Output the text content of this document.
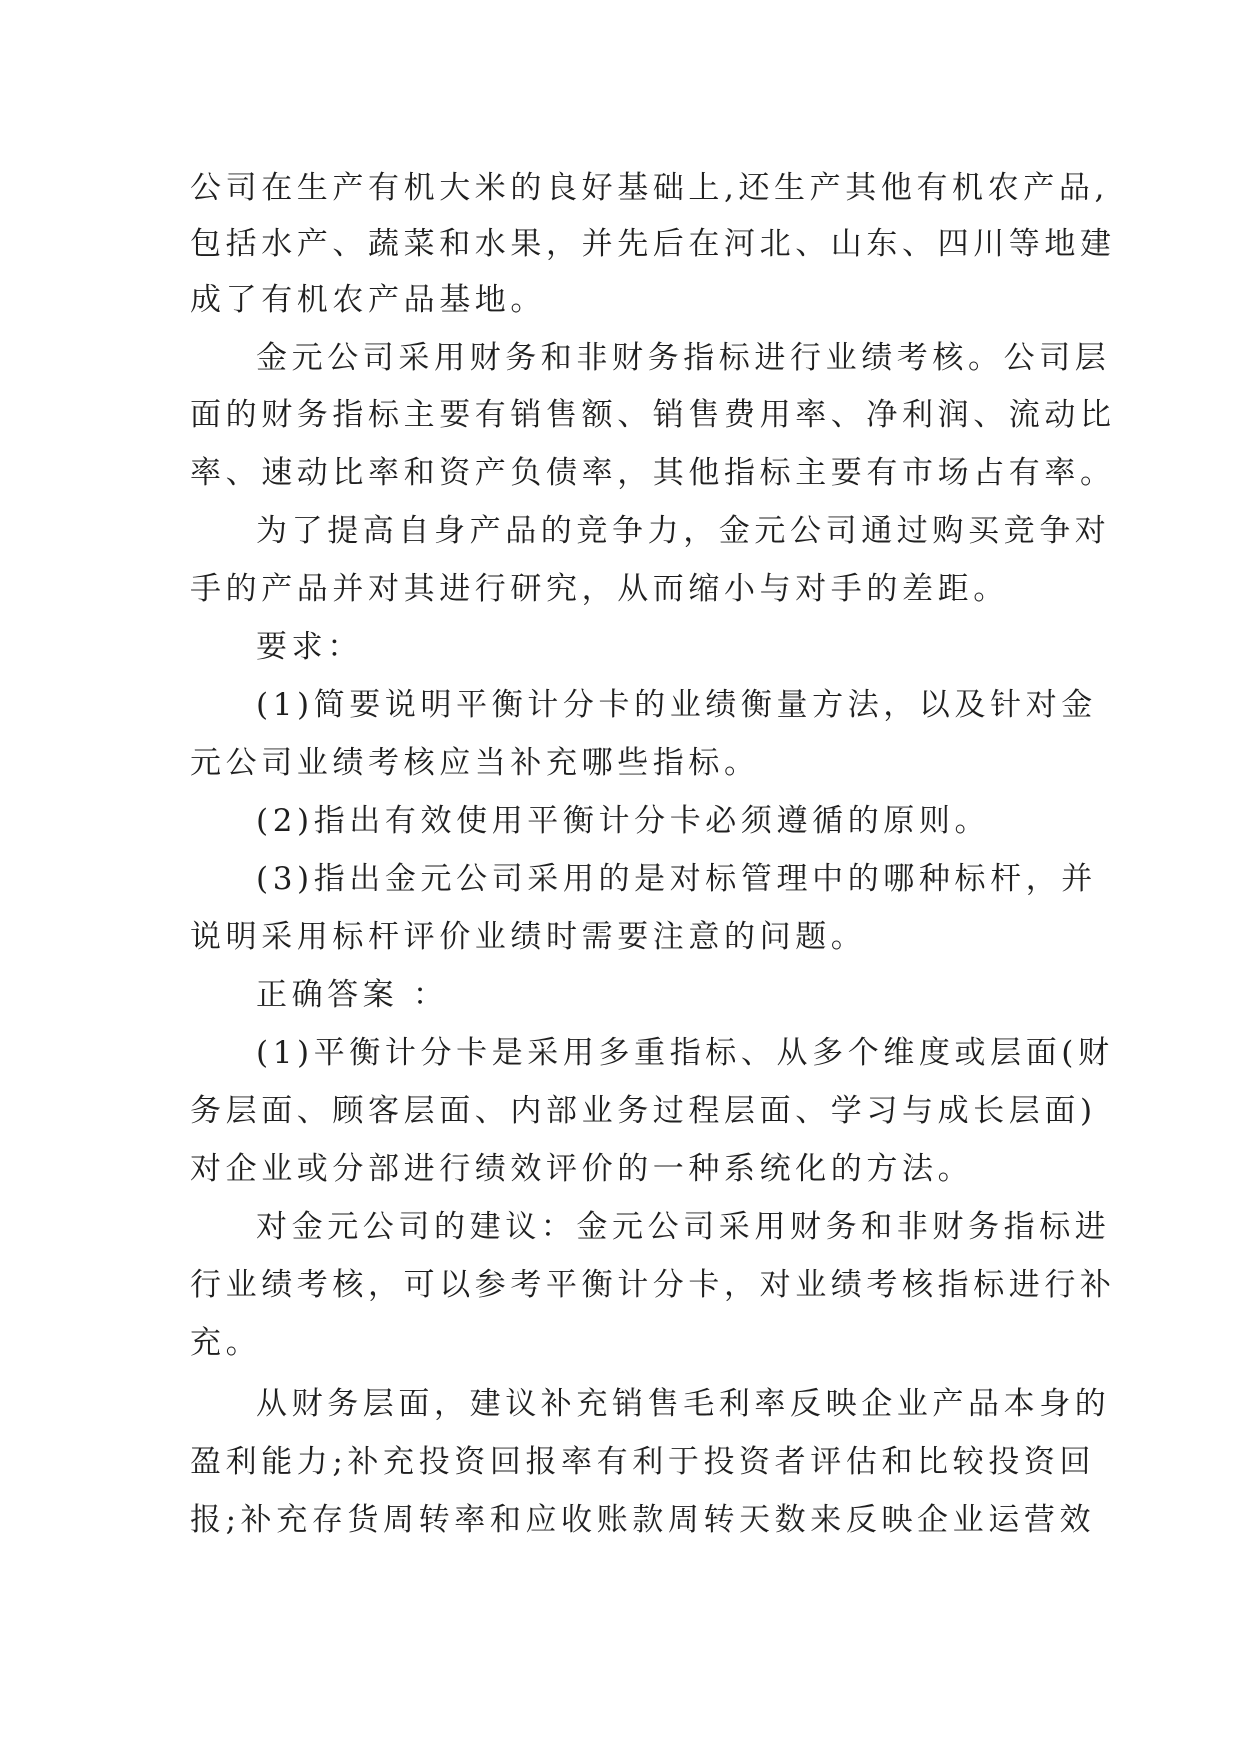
公司在生产有机大米的良好基础上,还生产其他有机农产品,
包括水产、蔬菜和水果，并先后在河北、山东、四川等地建
成了有机农产品基地。
金元公司采用财务和非财务指标进行业绩考核。公司层
面的财务指标主要有销售额、销售费用率、净利润、流动比
率、速动比率和资产负债率，其他指标主要有市场占有率。
为了提高自身产品的竞争力，金元公司通过购买竞争对
手的产品并对其进行研究，从而缩小与对手的差距。
要求：
(1)简要说明平衡计分卡的业绩衡量方法，以及针对金
元公司业绩考核应当补充哪些指标。
(2)指出有效使用平衡计分卡必须遵循的原则。
(3)指出金元公司采用的是对标管理中的哪种标杆，并
说明采用标杆评价业绩时需要注意的问题。
正确答案 ：
(1)平衡计分卡是采用多重指标、从多个维度或层面(财
务层面、顾客层面、内部业务过程层面、学习与成长层面)
对企业或分部进行绩效评价的一种系统化的方法。
对金元公司的建议：金元公司采用财务和非财务指标进
行业绩考核，可以参考平衡计分卡，对业绩考核指标进行补
充。
从财务层面，建议补充销售毛利率反映企业产品本身的
盈利能力;补充投资回报率有利于投资者评估和比较投资回
报;补充存货周转率和应收账款周转天数来反映企业运营效
